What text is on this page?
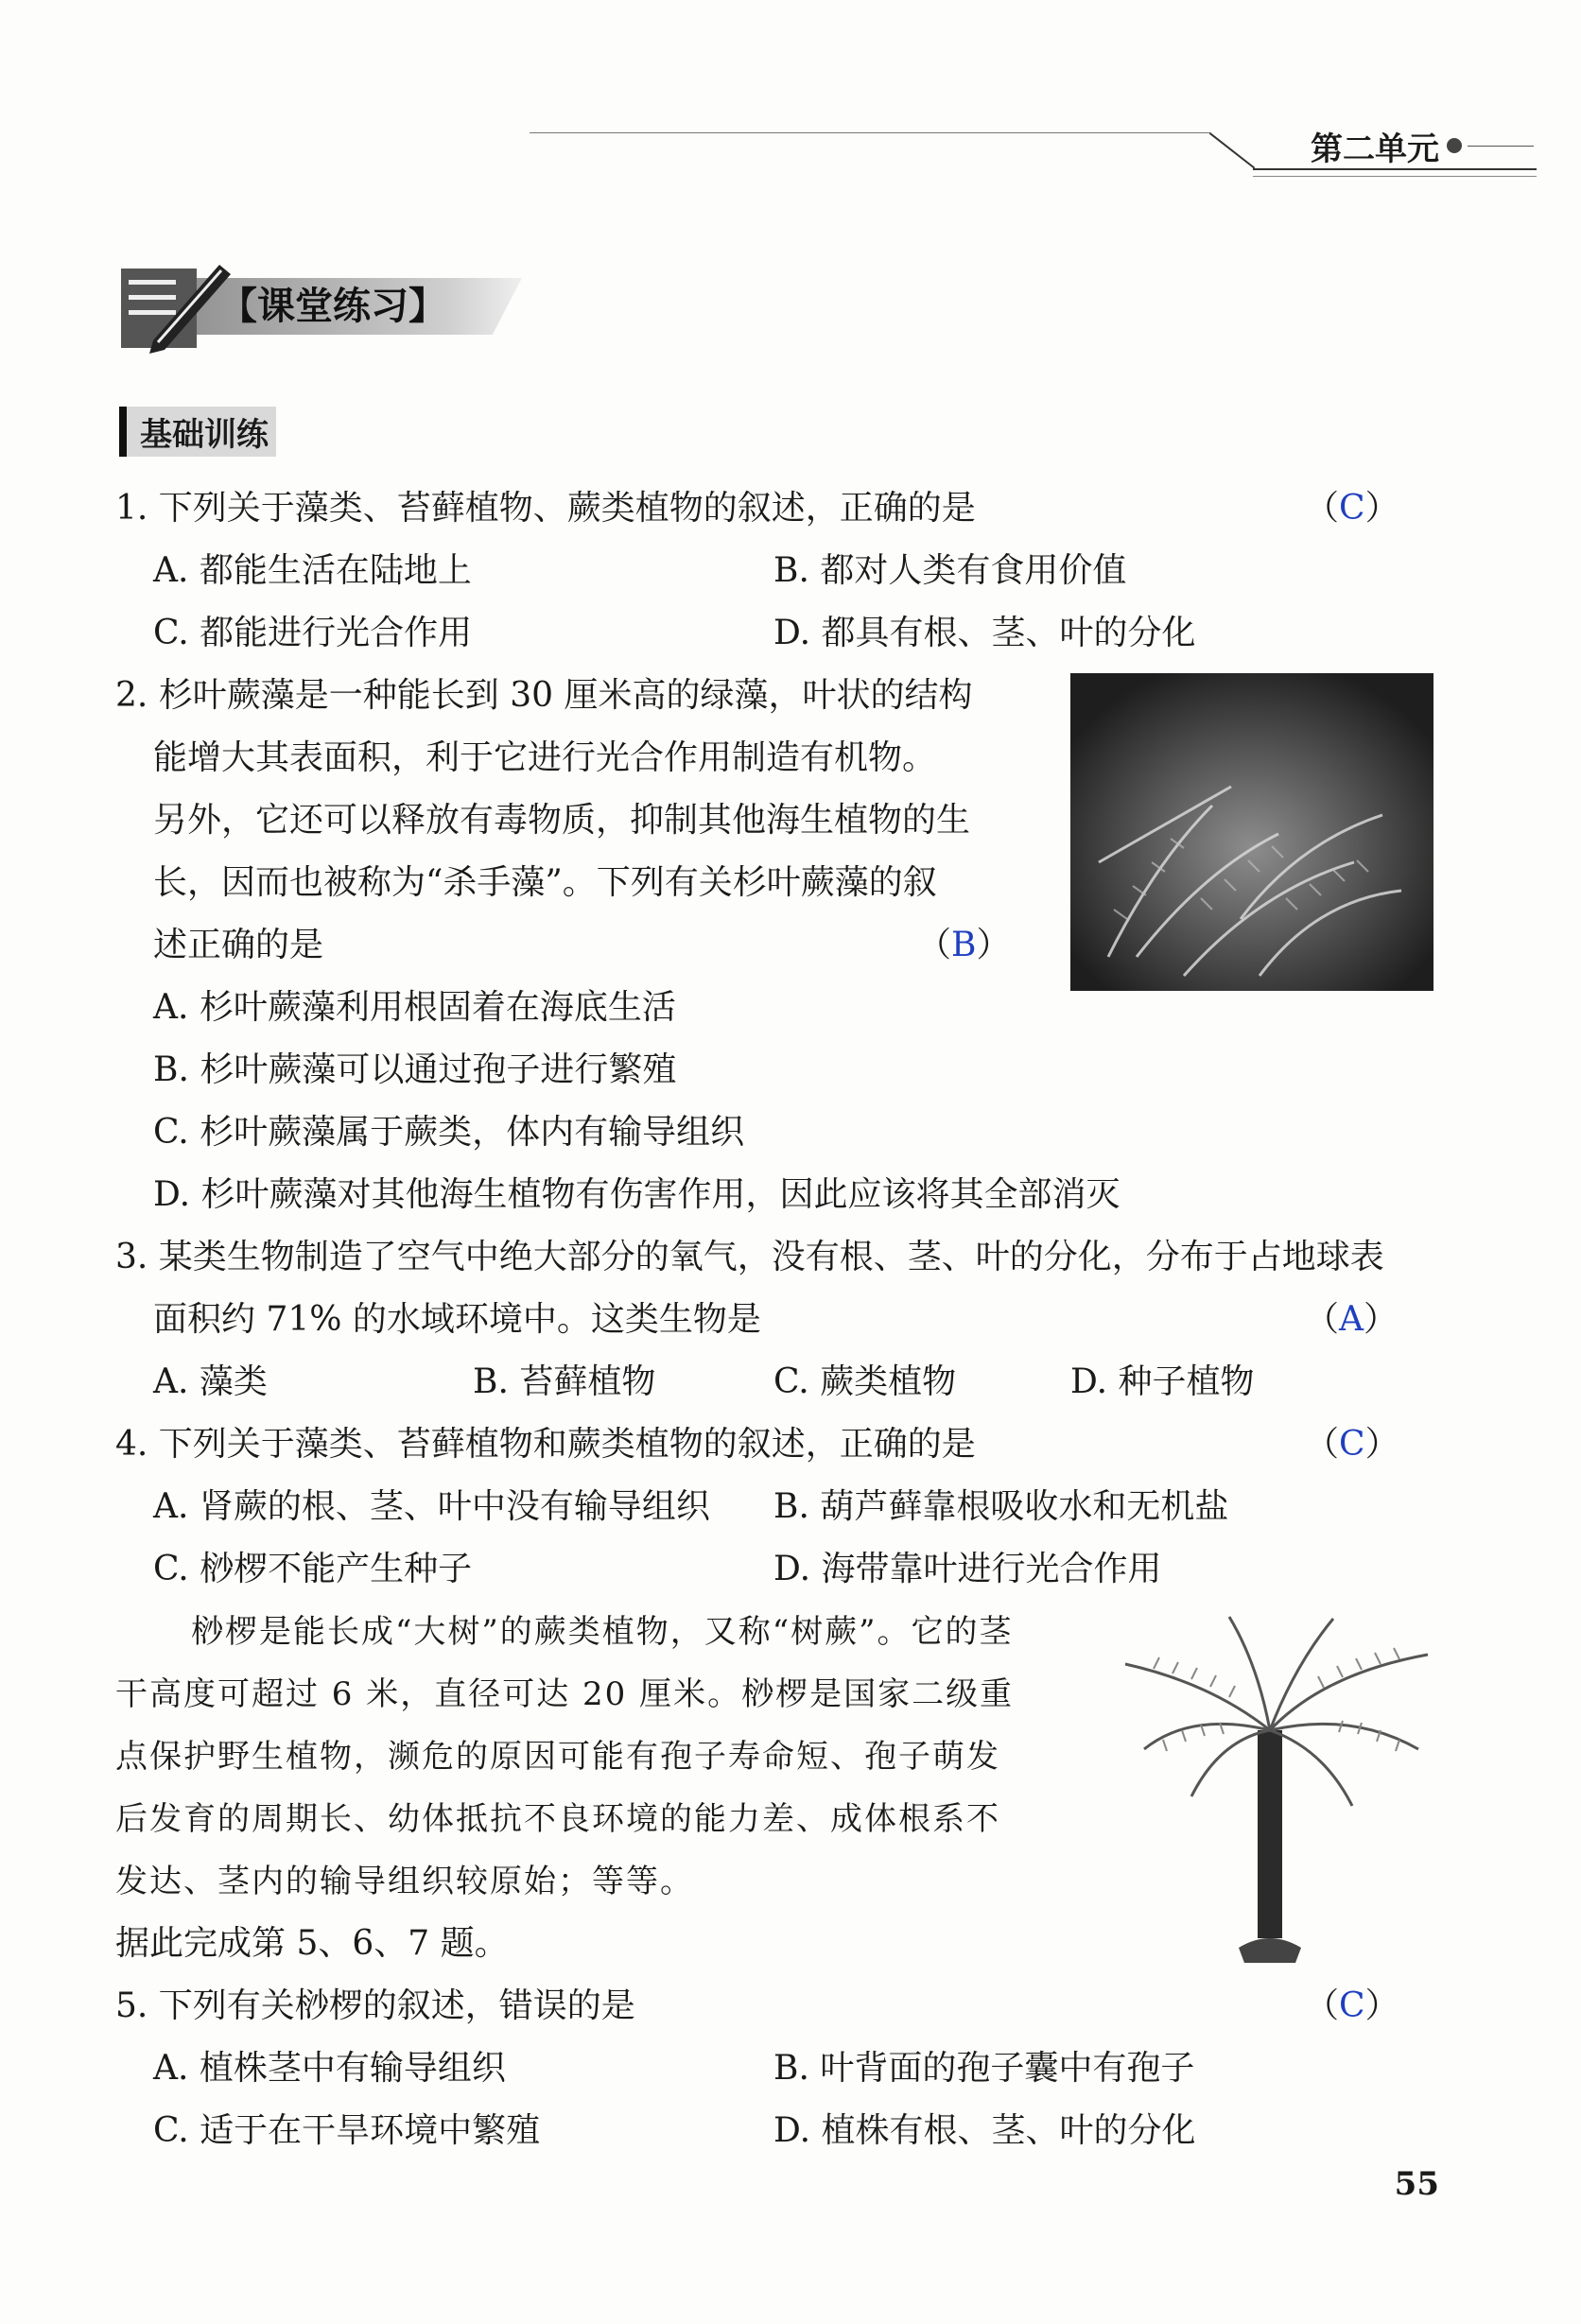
第二单元
【课堂练习】
基础训练
1. 下列关于藻类、苔藓植物、蕨类植物的叙述，正确的是	（C）
A. 都能生活在陆地上	B. 都对人类有食用价值
C. 都能进行光合作用	D. 都具有根、茎、叶的分化
2. 杉叶蕨藻是一种能长到 30 厘米高的绿藻，叶状的结构
能增大其表面积，利于它进行光合作用制造有机物。
另外，它还可以释放有毒物质，抑制其他海生植物的生
长，因而也被称为“杀手藻”。下列有关杉叶蕨藻的叙
述正确的是	（B）
A. 杉叶蕨藻利用根固着在海底生活
B. 杉叶蕨藻可以通过孢子进行繁殖
C. 杉叶蕨藻属于蕨类，体内有输导组织
D. 杉叶蕨藻对其他海生植物有伤害作用，因此应该将其全部消灭
3. 某类生物制造了空气中绝大部分的氧气，没有根、茎、叶的分化，分布于占地球表
面积约 71% 的水域环境中。这类生物是	（A）
A. 藻类	B. 苔藓植物	C. 蕨类植物	D. 种子植物
4. 下列关于藻类、苔藓植物和蕨类植物的叙述，正确的是	（C）
A. 肾蕨的根、茎、叶中没有输导组织 B. 葫芦藓靠根吸收水和无机盐
C. 桫椤不能产生种子	D. 海带靠叶进行光合作用
桫椤是能长成“大树”的蕨类植物，又称“树蕨”。它的茎
干高度可超过 6 米，直径可达 20 厘米。桫椤是国家二级重
点保护野生植物，濒危的原因可能有孢子寿命短、孢子萌发
后发育的周期长、幼体抵抗不良环境的能力差、成体根系不
发达、茎内的输导组织较原始；等等。
据此完成第 5、6、7 题。
5. 下列有关桫椤的叙述，错误的是	（C）
A. 植株茎中有输导组织	B. 叶背面的孢子囊中有孢子
C. 适于在干旱环境中繁殖	D. 植株有根、茎、叶的分化
55
